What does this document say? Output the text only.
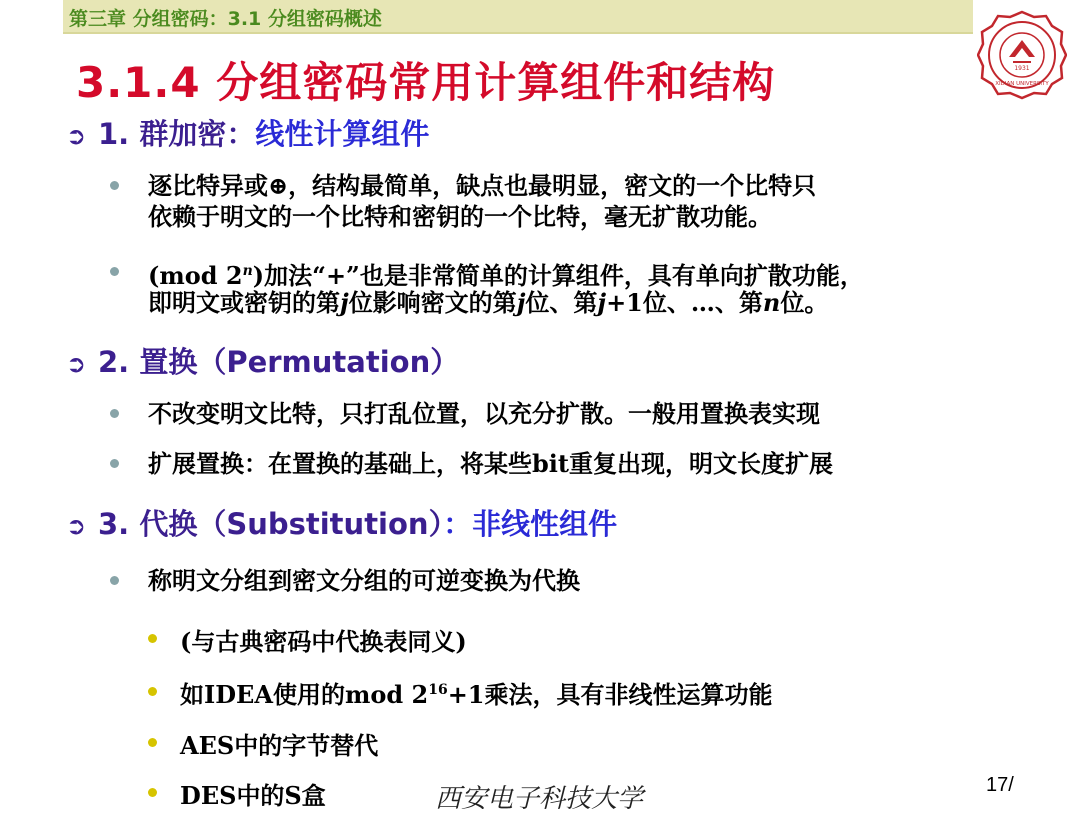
第三章 分组密码：3.1 分组密码概述
1931
XIDIAN UNIVERSITY
3.1.4 分组密码常用计算组件和结构
➲ 1. 群加密：线性计算组件
逐比特异或⊕，结构最简单，缺点也最明显，密文的一个比特只
依赖于明文的一个比特和密钥的一个比特，毫无扩散功能。
(mod 2$^n$)加法“+”也是非常简单的计算组件，具有单向扩散功能，
即明文或密钥的第j位影响密文的第j位、第j+1位、…、第n位。
➲ 2. 置换（Permutation）
不改变明文比特，只打乱位置，以充分扩散。一般用置换表实现
扩展置换：在置换的基础上，将某些bit重复出现，明文长度扩展
➲ 3. 代换（Substitution）：非线性组件
称明文分组到密文分组的可逆变换为代换
(与古典密码中代换表同义)
如IDEA使用的mod $2^{16}+1$乘法，具有非线性运算功能
AES中的字节替代
DES中的S盒	西安电子科技大学	17/
